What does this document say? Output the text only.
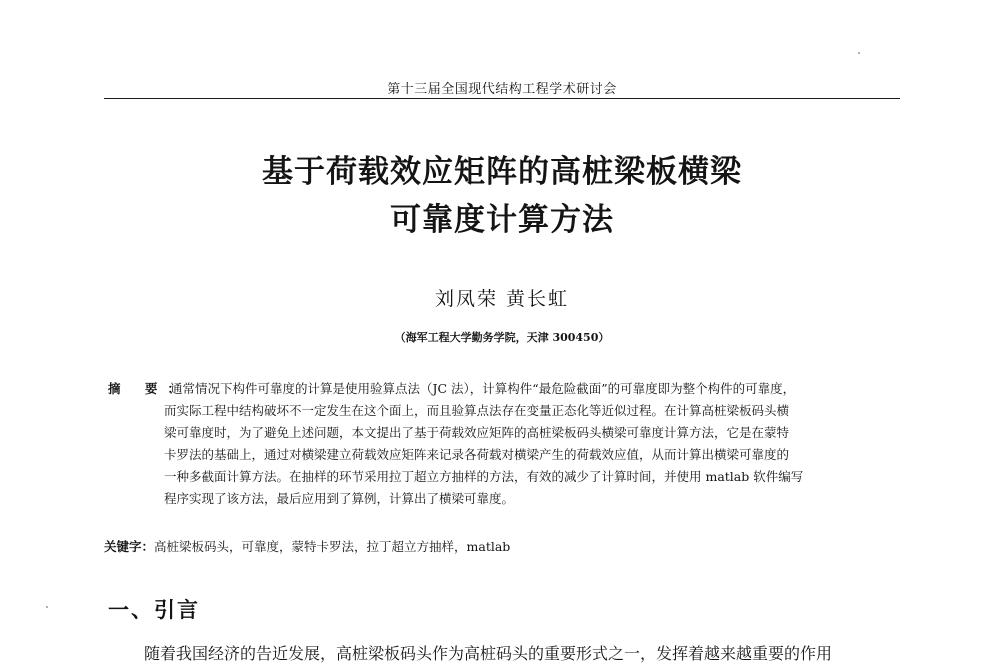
第十三届全国现代结构工程学术研讨会
基于荷载效应矩阵的高桩梁板横梁
可靠度计算方法
刘凤荣 黄长虹
（海军工程大学勤务学院，天津 300450）
摘 要：
通常情况下构件可靠度的计算是使用验算点法（JC 法），计算构件“最危险截面”的可靠度即为整个构件的可靠度，
而实际工程中结构破坏不一定发生在这个面上，而且验算点法存在变量正态化等近似过程。在计算高桩梁板码头横
梁可靠度时，为了避免上述问题，本文提出了基于荷载效应矩阵的高桩梁板码头横梁可靠度计算方法，它是在蒙特
卡罗法的基础上，通过对横梁建立荷载效应矩阵来记录各荷载对横梁产生的荷载效应值，从而计算出横梁可靠度的
一种多截面计算方法。在抽样的环节采用拉丁超立方抽样的方法，有效的减少了计算时间，并使用 matlab 软件编写
程序实现了该方法，最后应用到了算例，计算出了横梁可靠度。
关键字：高桩梁板码头，可靠度，蒙特卡罗法，拉丁超立方抽样，matlab
一、引言
随着我国经济的告近发展，高桩梁板码头作为高桩码头的重要形式之一，发挥着越来越重要的作用
